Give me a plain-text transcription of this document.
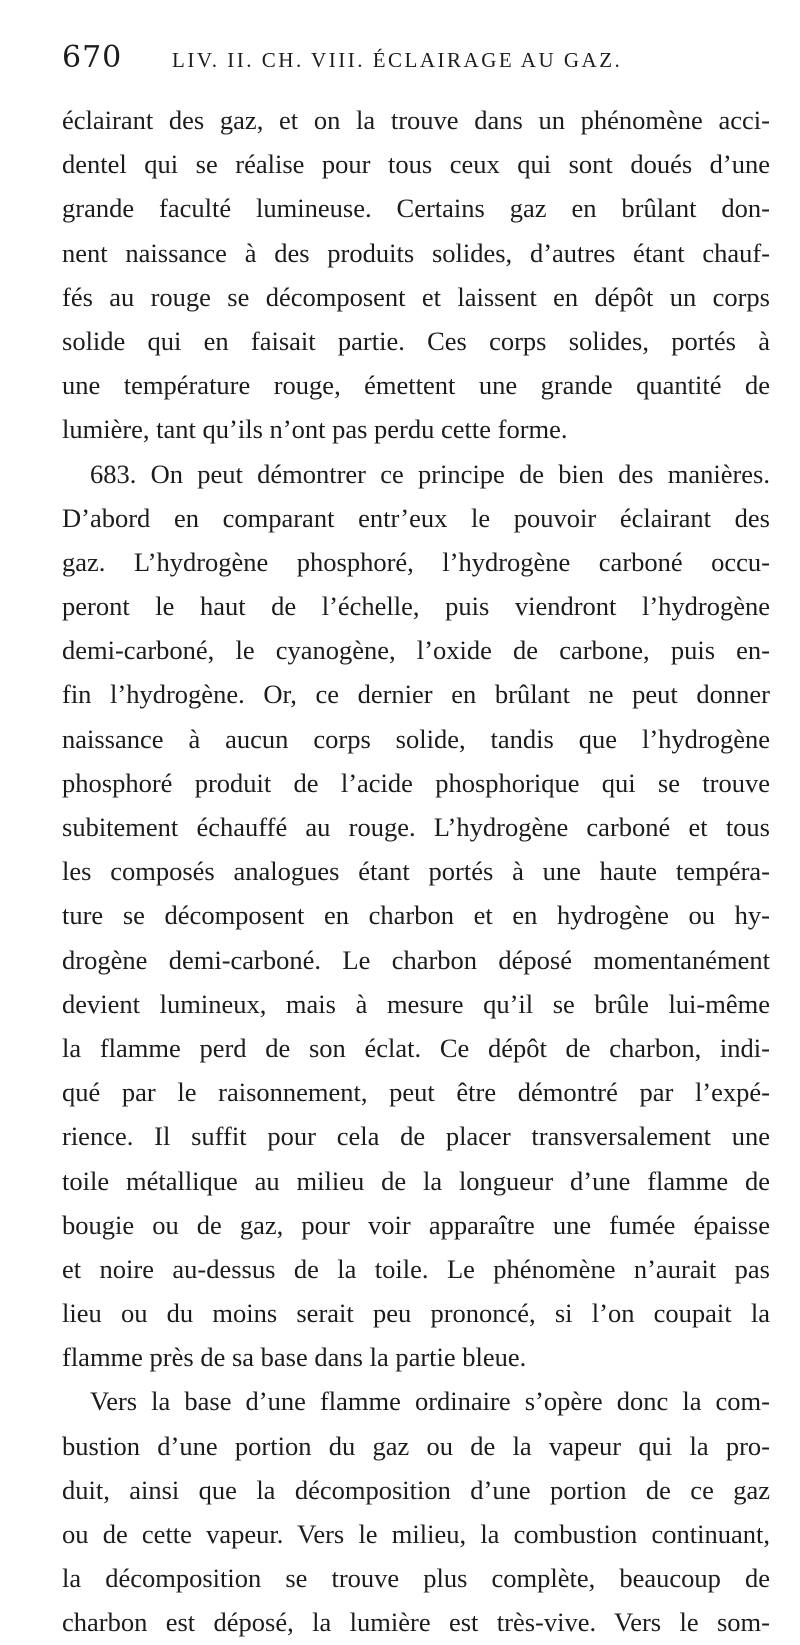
670 LIV. II. CH. VIII. ÉCLAIRAGE AU GAZ.
éclairant des gaz, et on la trouve dans un phénomène acci-
dentel qui se réalise pour tous ceux qui sont doués d’une
grande faculté lumineuse. Certains gaz en brûlant don-
nent naissance à des produits solides, d’autres étant chauf-
fés au rouge se décomposent et laissent en dépôt un corps
solide qui en faisait partie. Ces corps solides, portés à
une température rouge, émettent une grande quantité de
lumière, tant qu’ils n’ont pas perdu cette forme.
683. On peut démontrer ce principe de bien des manières.
D’abord en comparant entr’eux le pouvoir éclairant des
gaz. L’hydrogène phosphoré, l’hydrogène carboné occu-
peront le haut de l’échelle, puis viendront l’hydrogène
demi-carboné, le cyanogène, l’oxide de carbone, puis en-
fin l’hydrogène. Or, ce dernier en brûlant ne peut donner
naissance à aucun corps solide, tandis que l’hydrogène
phosphoré produit de l’acide phosphorique qui se trouve
subitement échauffé au rouge. L’hydrogène carboné et tous
les composés analogues étant portés à une haute tempéra-
ture se décomposent en charbon et en hydrogène ou hy-
drogène demi-carboné. Le charbon déposé momentanément
devient lumineux, mais à mesure qu’il se brûle lui-même
la flamme perd de son éclat. Ce dépôt de charbon, indi-
qué par le raisonnement, peut être démontré par l’expé-
rience. Il suffit pour cela de placer transversalement une
toile métallique au milieu de la longueur d’une flamme de
bougie ou de gaz, pour voir apparaître une fumée épaisse
et noire au-dessus de la toile. Le phénomène n’aurait pas
lieu ou du moins serait peu prononcé, si l’on coupait la
flamme près de sa base dans la partie bleue.
Vers la base d’une flamme ordinaire s’opère donc la com-
bustion d’une portion du gaz ou de la vapeur qui la pro-
duit, ainsi que la décomposition d’une portion de ce gaz
ou de cette vapeur. Vers le milieu, la combustion continuant,
la décomposition se trouve plus complète, beaucoup de
charbon est déposé, la lumière est très-vive. Vers le som-
